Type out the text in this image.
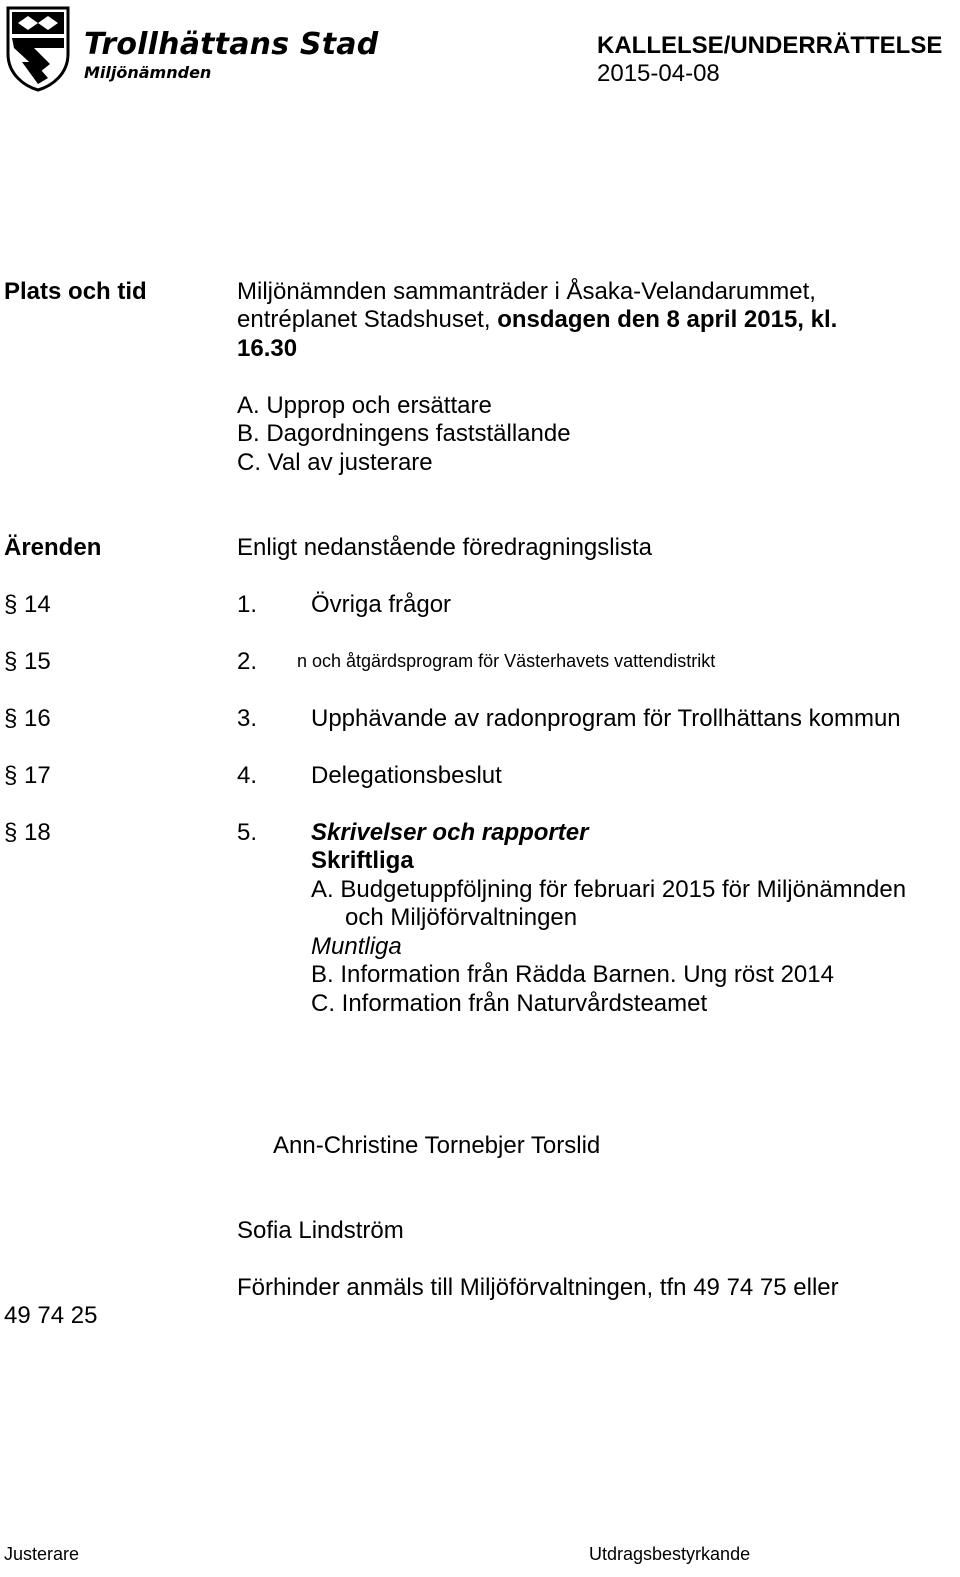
Trollhättans Stad
Miljönämnden
KALLELSE/UNDERRÄTTELSE
2015-04-08
Plats och tid	Miljönämnden sammanträder i Åsaka-Velandarummet,
entréplanet Stadshuset, onsdagen den 8 april 2015, kl.
16.30
A. Upprop och ersättare
B. Dagordningens fastställande
C. Val av justerare
Ärenden	Enligt nedanstående föredragningslista
§ 14	1. Övriga frågor
§ 15	2. n och åtgärdsprogram för Västerhavets vattendistrikt
§ 16	3. Upphävande av radonprogram för Trollhättans kommun
§ 17	4. Delegationsbeslut
§ 18	5. Skrivelser och rapporter
Skriftliga
A. Budgetuppföljning för februari 2015 för Miljönämnden
och Miljöförvaltningen
Muntliga
B. Information från Rädda Barnen. Ung röst 2014
C. Information från Naturvårdsteamet
Ann-Christine Tornebjer Torslid
Sofia Lindström
Förhinder anmäls till Miljöförvaltningen, tfn 49 74 75 eller
49 74 25
Justerare	Utdragsbestyrkande
